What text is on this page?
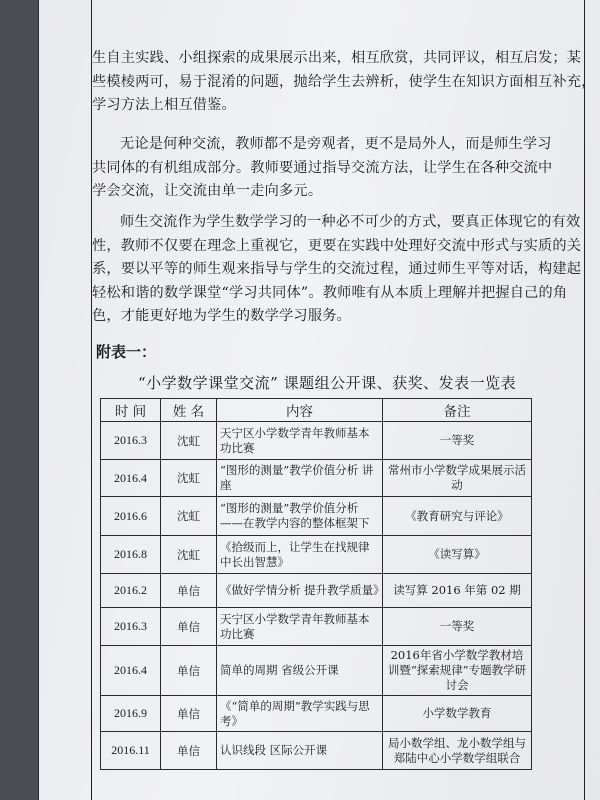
生自主实践、小组探索的成果展示出来，相互欣赏，共同评议，相互启发；某
些模棱两可，易于混淆的问题，抛给学生去辨析，使学生在知识方面相互补充，
学习方法上相互借鉴。
无论是何种交流，教师都不是旁观者，更不是局外人，而是师生学习
共同体的有机组成部分。教师要通过指导交流方法，让学生在各种交流中
学会交流，让交流由单一走向多元。
师生交流作为学生数学学习的一种必不可少的方式，要真正体现它的有效
性，教师不仅要在理念上重视它，更要在实践中处理好交流中形式与实质的关
系，要以平等的师生观来指导与学生的交流过程，通过师生平等对话，构建起
轻松和谐的数学课堂“学习共同体”。教师唯有从本质上理解并把握自己的角
色，才能更好地为学生的数学学习服务。
附表一：
“小学数学课堂交流” 课题组公开课、获奖、发表一览表
时 间	姓 名	内容	备注
2016.3	沈虹	天宁区小学数学青年教师基本功比赛	一等奖
2016.4	沈虹	“图形的测量”教学价值分析 讲座	常州市小学数学成果展示活动
2016.6	沈虹	“图形的测量”教学价值分析——在教学内容的整体框架下	《教育研究与评论》
2016.8	沈虹	《拾级而上，让学生在找规律中长出智慧》	《读写算》
2016.2	单信	《做好学情分析 提升教学质量》	读写算 2016 年第 02 期
2016.3	单信	天宁区小学数学青年教师基本功比赛	一等奖
2016.4	单信	简单的周期 省级公开课	2016年省小学数学教材培训暨“探索规律”专题教学研讨会
2016.9	单信	《“简单的周期”教学实践与思考》	小学数学教育
2016.11	单信	认识线段 区际公开课	局小数学组、龙小数学组与郑陆中心小学数学组联合
